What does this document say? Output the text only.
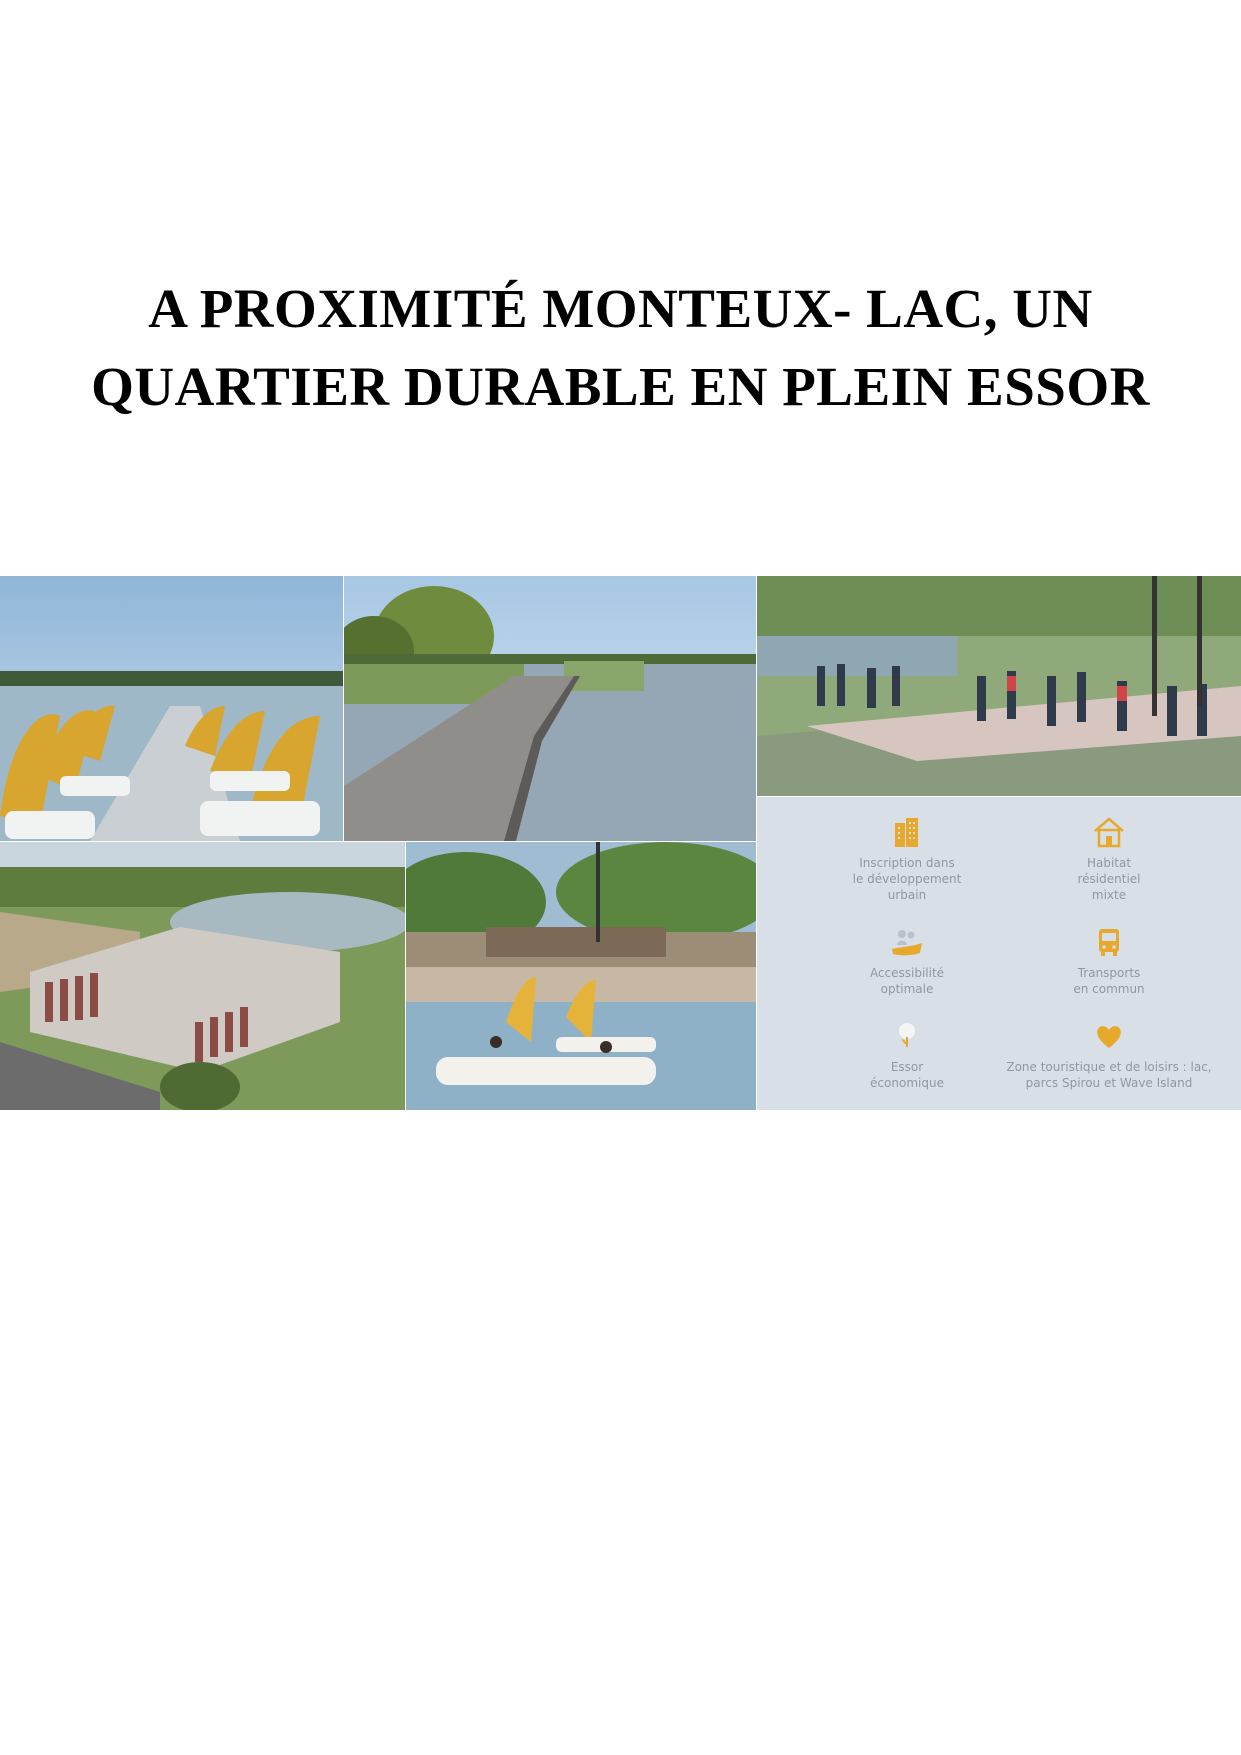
A PROXIMITÉ MONTEUX- LAC, UN
QUARTIER DURABLE EN PLEIN ESSOR
Inscription dans
le développement
urbain
Habitat
résidentiel
mixte
Accessibilité
optimale
Transports
en commun
Essor
économique
Zone touristique et de loisirs : lac,
parcs Spirou et Wave Island
